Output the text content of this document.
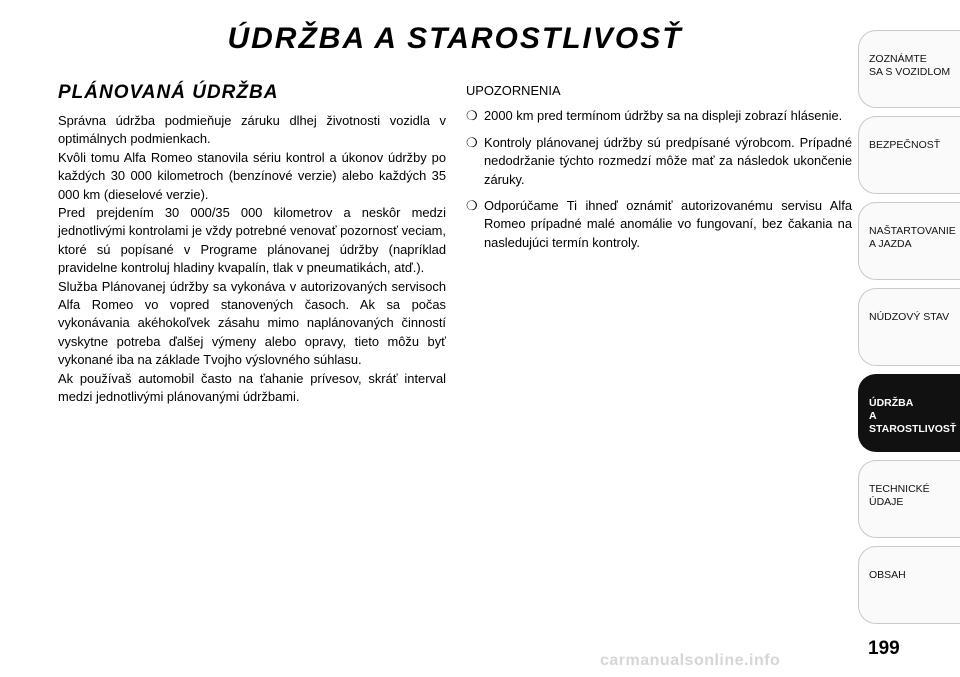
ÚDRŽBA A STAROSTLIVOSŤ
PLÁNOVANÁ ÚDRŽBA

Správna údržba podmieňuje záruku dlhej životnosti vozidla v optimálnych podmienkach.

Kvôli tomu Alfa Romeo stanovila sériu kontrol a úkonov údržby po každých 30 000 kilometroch (benzínové verzie) alebo každých 35 000 km (dieselové verzie).

Pred prejdením 30 000/35 000 kilometrov a neskôr medzi jednotlivými kontrolami je vždy potrebné venovať pozornosť veciam, ktoré sú popísané v Programe plánovanej údržby (napríklad pravidelne kontroluj hladiny kvapalín, tlak v pneumatikách, atď.).

Služba Plánovanej údržby sa vykonáva v autorizovaných servisoch Alfa Romeo vo vopred stanovených časoch. Ak sa počas vykonávania akéhokoľvek zásahu mimo naplánovaných činností vyskytne potreba ďalšej výmeny alebo opravy, tieto môžu byť vykonané iba na základe Tvojho výslovného súhlasu.

Ak používaš automobil často na ťahanie prívesov, skráť interval medzi jednotlivými plánovanými údržbami.

UPOZORNENIA
❍ 2000 km pred termínom údržby sa na displeji zobrazí hlásenie.
❍ Kontroly plánovanej údržby sú predpísané výrobcom. Prípadné nedodržanie týchto rozmedzí môže mať za následok ukončenie záruky.
❍ Odporúčame Ti ihneď oznámiť autorizovanému servisu Alfa Romeo prípadné malé anomálie vo fungovaní, bez čakania na nasledujúci termín kontroly.
ZOZNÁMTE
SA S VOZIDLOM
BEZPEČNOSŤ
NAŠTARTOVANIE
A JAZDA
NÚDZOVÝ STAV
ÚDRŽBA
A STAROSTLIVOSŤ
TECHNICKÉ
ÚDAJE
OBSAH
199
carmanualsonline.info
